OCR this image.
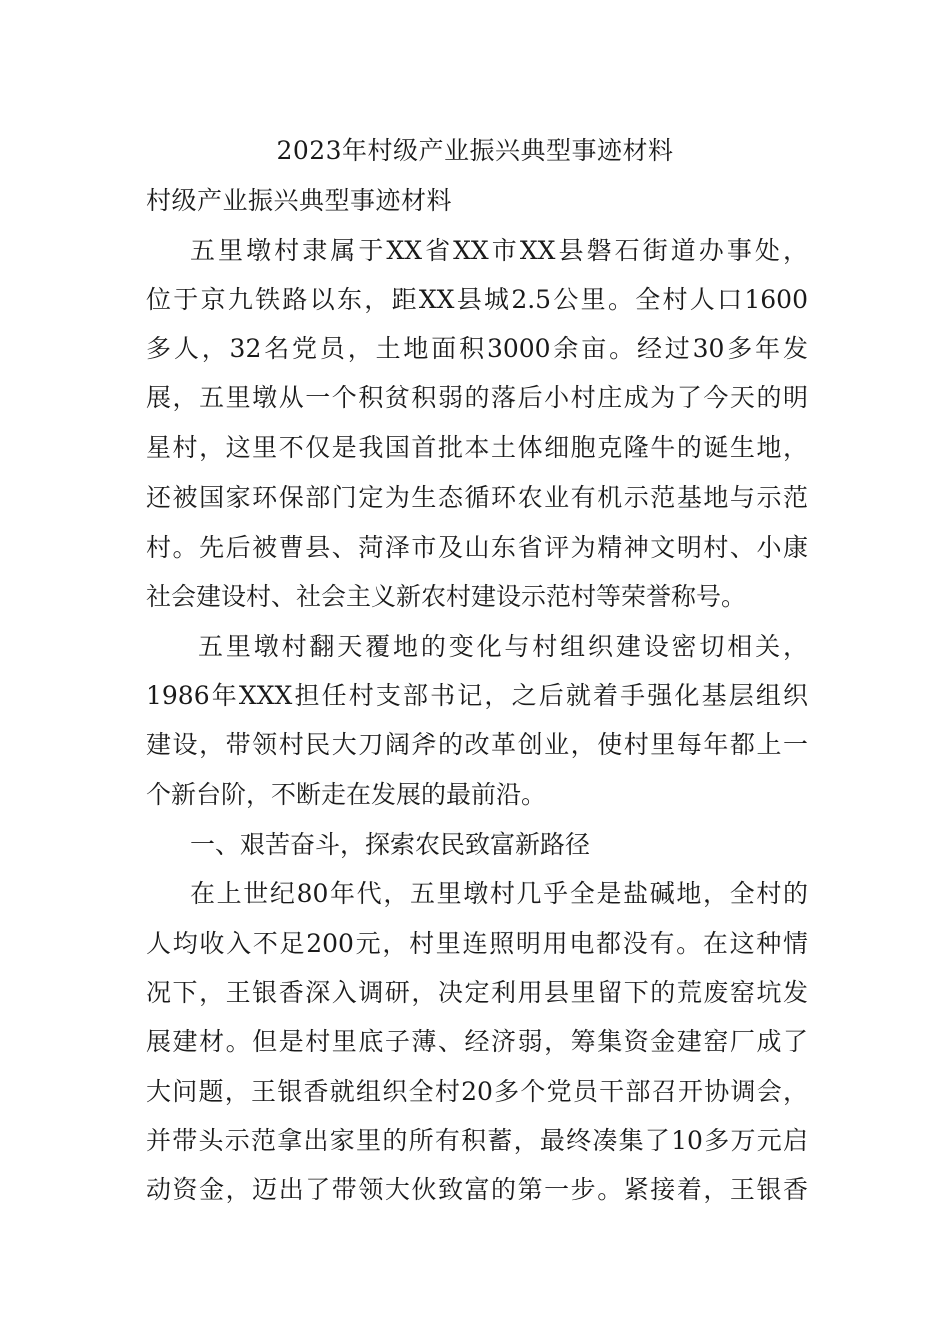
2023年村级产业振兴典型事迹材料
村级产业振兴典型事迹材料
五里墩村隶属于XX省XX市XX县磐石街道办事处，
位于京九铁路以东，距XX县城2.5公里。全村人口1600
多人，32名党员，土地面积3000余亩。经过30多年发
展，五里墩从一个积贫积弱的落后小村庄成为了今天的明
星村，这里不仅是我国首批本土体细胞克隆牛的诞生地，
还被国家环保部门定为生态循环农业有机示范基地与示范
村。先后被曹县、菏泽市及山东省评为精神文明村、小康
社会建设村、社会主义新农村建设示范村等荣誉称号。
五里墩村翻天覆地的变化与村组织建设密切相关，
1986年XXX担任村支部书记，之后就着手强化基层组织
建设，带领村民大刀阔斧的改革创业，使村里每年都上一
个新台阶，不断走在发展的最前沿。
一、艰苦奋斗，探索农民致富新路径
在上世纪80年代，五里墩村几乎全是盐碱地，全村的
人均收入不足200元，村里连照明用电都没有。在这种情
况下，王银香深入调研，决定利用县里留下的荒废窑坑发
展建材。但是村里底子薄、经济弱，筹集资金建窑厂成了
大问题，王银香就组织全村20多个党员干部召开协调会，
并带头示范拿出家里的所有积蓄，最终凑集了10多万元启
动资金，迈出了带领大伙致富的第一步。紧接着，王银香
